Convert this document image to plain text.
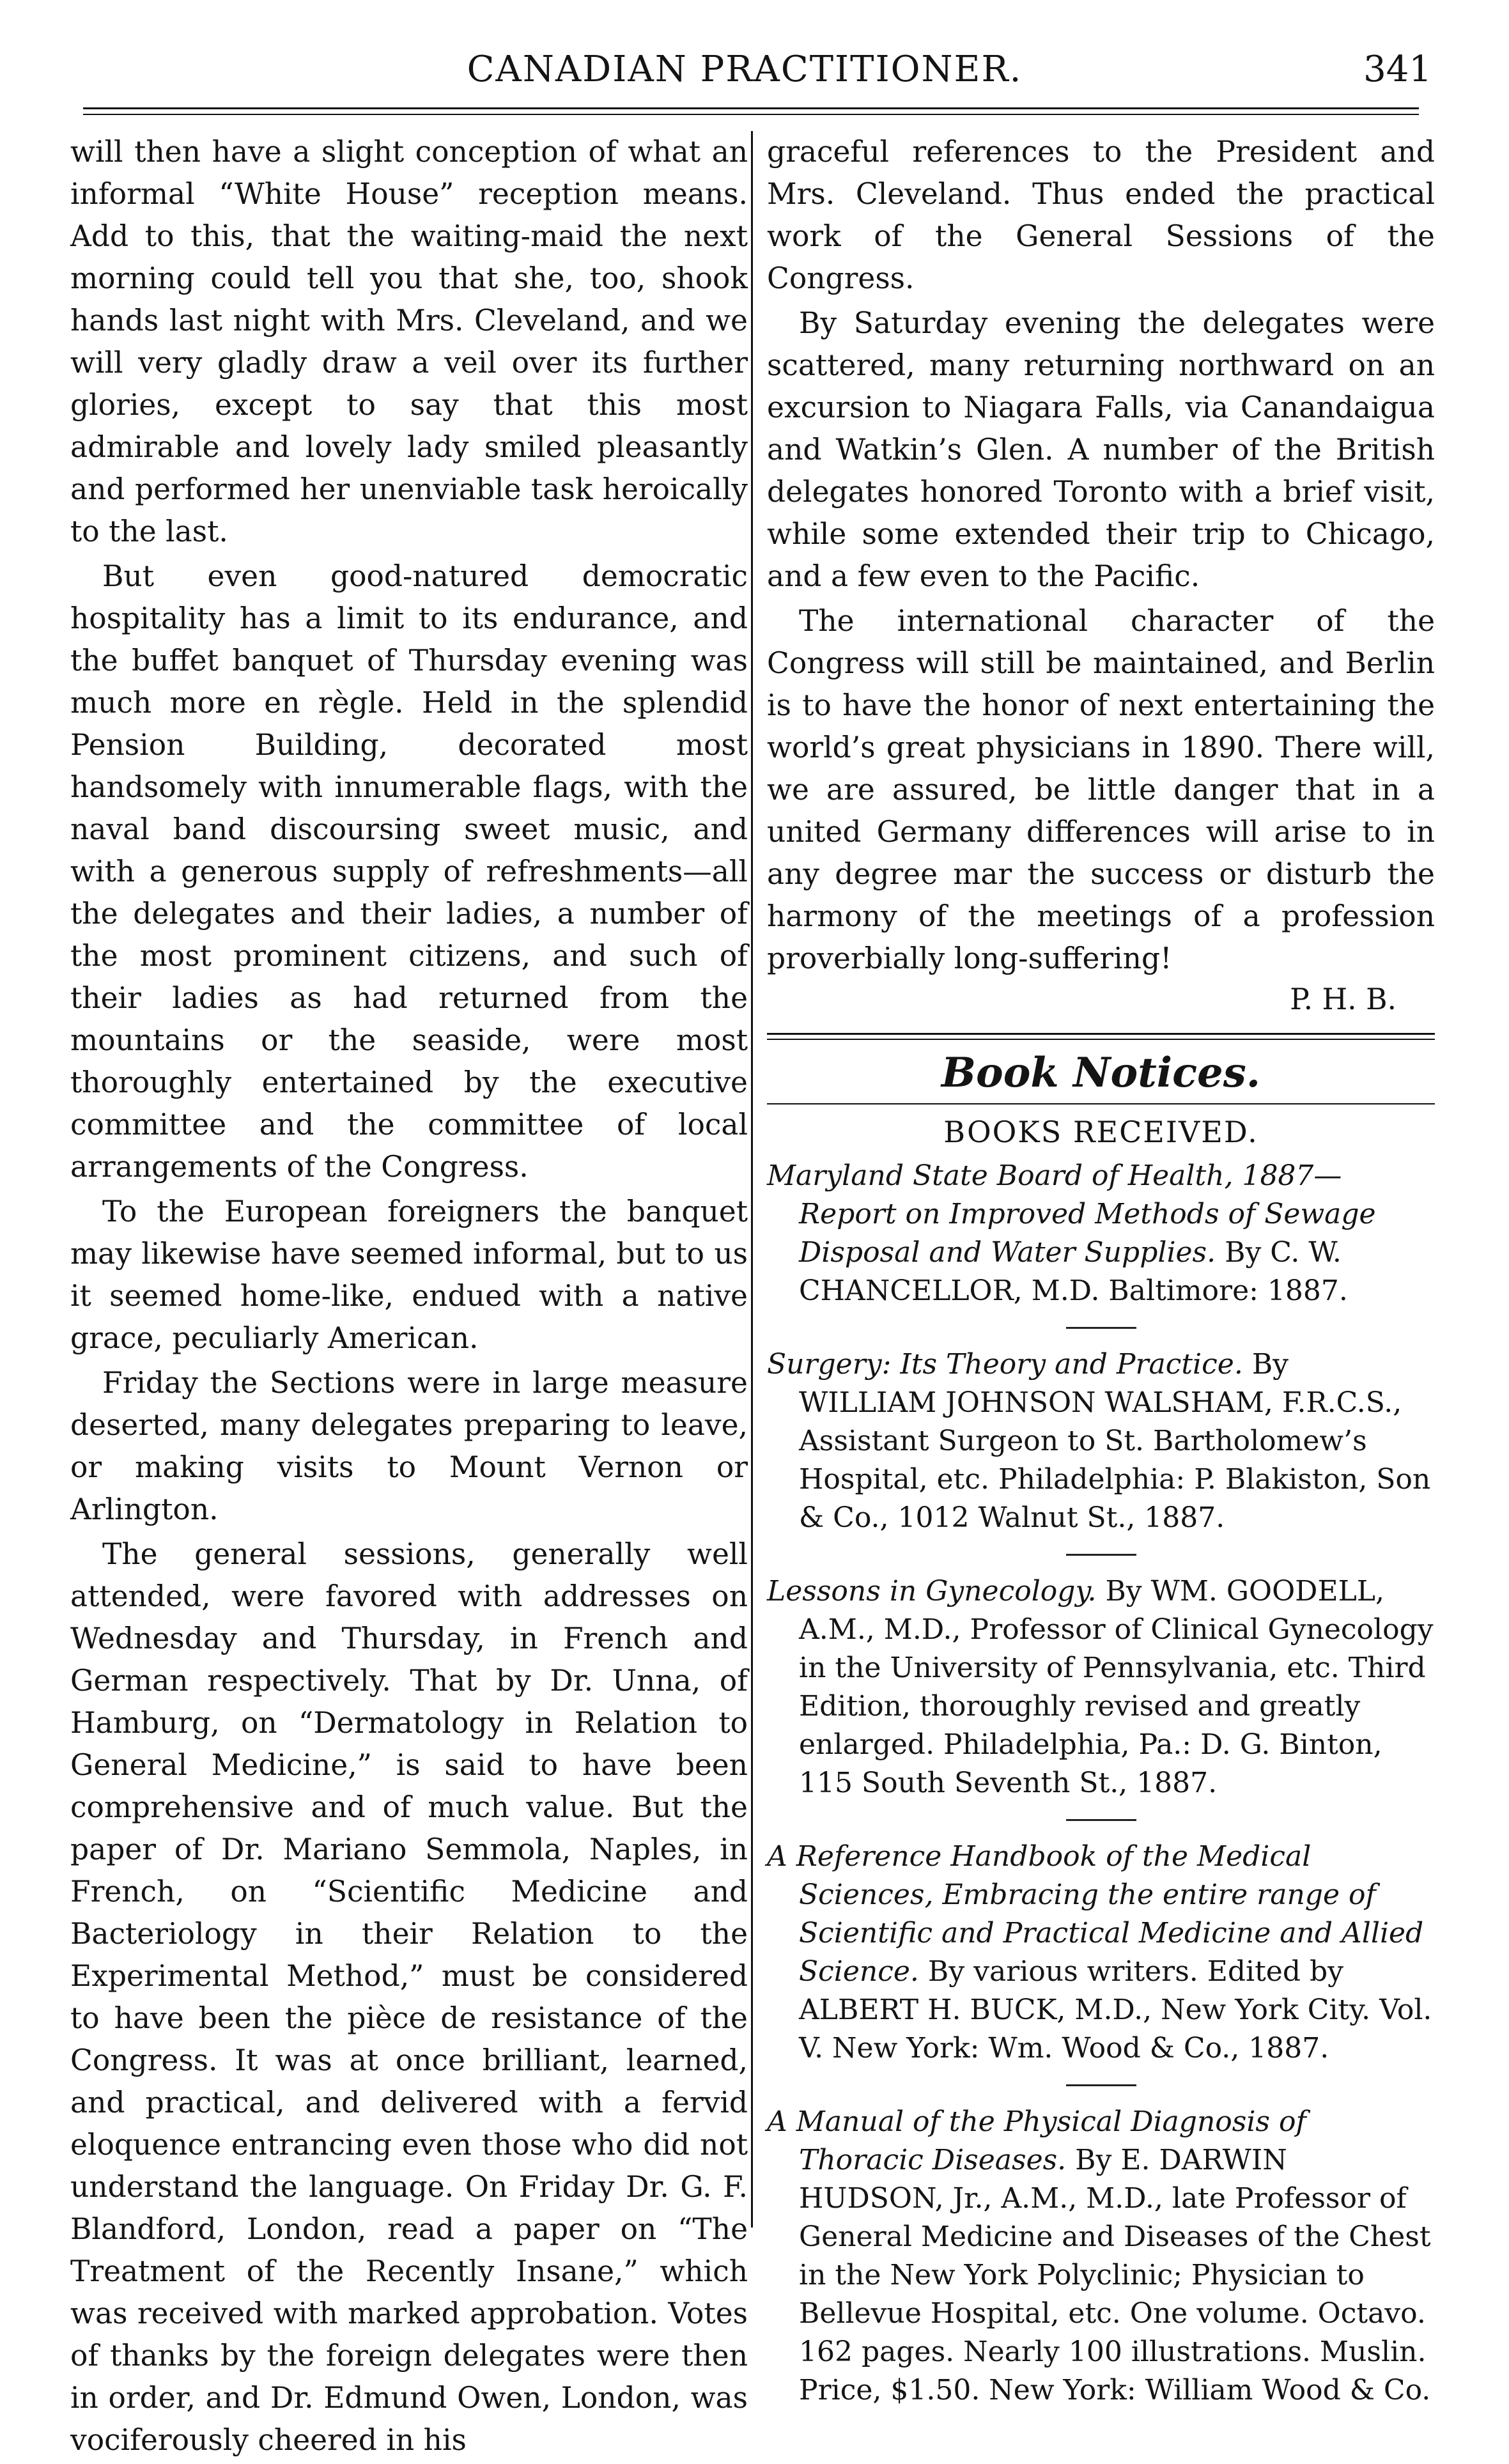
CANADIAN PRACTITIONER.	341

will then have a slight conception of what an informal “White House” reception means. Add to this, that the waiting-maid the next morning could tell you that she, too, shook hands last night with Mrs. Cleveland, and we will very gladly draw a veil over its further glories, except to say that this most admirable and lovely lady smiled pleasantly and performed her unenviable task heroically to the last.

But even good-natured democratic hospitality has a limit to its endurance, and the buffet banquet of Thursday evening was much more en règle. Held in the splendid Pension Building, decorated most handsomely with innumerable flags, with the naval band discoursing sweet music, and with a generous supply of refreshments—all the delegates and their ladies, a number of the most prominent citizens, and such of their ladies as had returned from the mountains or the seaside, were most thoroughly entertained by the executive committee and the committee of local arrangements of the Congress.

To the European foreigners the banquet may likewise have seemed informal, but to us it seemed home-like, endued with a native grace, peculiarly American.

Friday the Sections were in large measure deserted, many delegates preparing to leave, or making visits to Mount Vernon or Arlington.

The general sessions, generally well attended, were favored with addresses on Wednesday and Thursday, in French and German respectively. That by Dr. Unna, of Hamburg, on “Dermatology in Relation to General Medicine,” is said to have been comprehensive and of much value. But the paper of Dr. Mariano Semmola, Naples, in French, on “Scientific Medicine and Bacteriology in their Relation to the Experimental Method,” must be considered to have been the pièce de resistance of the Congress. It was at once brilliant, learned, and practical, and delivered with a fervid eloquence entrancing even those who did not understand the language. On Friday Dr. G. F. Blandford, London, read a paper on “The Treatment of the Recently Insane,” which was received with marked approbation. Votes of thanks by the foreign delegates were then in order, and Dr. Edmund Owen, London, was vociferously cheered in his

graceful references to the President and Mrs. Cleveland. Thus ended the practical work of the General Sessions of the Congress.

By Saturday evening the delegates were scattered, many returning northward on an excursion to Niagara Falls, via Canandaigua and Watkin’s Glen. A number of the British delegates honored Toronto with a brief visit, while some extended their trip to Chicago, and a few even to the Pacific.

The international character of the Congress will still be maintained, and Berlin is to have the honor of next entertaining the world’s great physicians in 1890. There will, we are assured, be little danger that in a united Germany differences will arise to in any degree mar the success or disturb the harmony of the meetings of a profession proverbially long-suffering!

P. H. B.
Book Notices.
BOOKS RECEIVED.

Maryland State Board of Health, 1887—Report on Improved Methods of Sewage Disposal and Water Supplies. By C. W. CHANCELLOR, M.D. Baltimore: 1887.

Surgery: Its Theory and Practice. By WILLIAM JOHNSON WALSHAM, F.R.C.S., Assistant Surgeon to St. Bartholomew’s Hospital, etc. Philadelphia: P. Blakiston, Son & Co., 1012 Walnut St., 1887.

Lessons in Gynecology. By WM. GOODELL, A.M., M.D., Professor of Clinical Gynecology in the University of Pennsylvania, etc. Third Edition, thoroughly revised and greatly enlarged. Philadelphia, Pa.: D. G. Binton, 115 South Seventh St., 1887.

A Reference Handbook of the Medical Sciences, Embracing the entire range of Scientific and Practical Medicine and Allied Science. By various writers. Edited by ALBERT H. BUCK, M.D., New York City. Vol. V. New York: Wm. Wood & Co., 1887.

A Manual of the Physical Diagnosis of Thoracic Diseases. By E. DARWIN HUDSON, Jr., A.M., M.D., late Professor of General Medicine and Diseases of the Chest in the New York Polyclinic; Physician to Bellevue Hospital, etc. One volume. Octavo. 162 pages. Nearly 100 illustrations. Muslin. Price, $1.50. New York: William Wood & Co.
